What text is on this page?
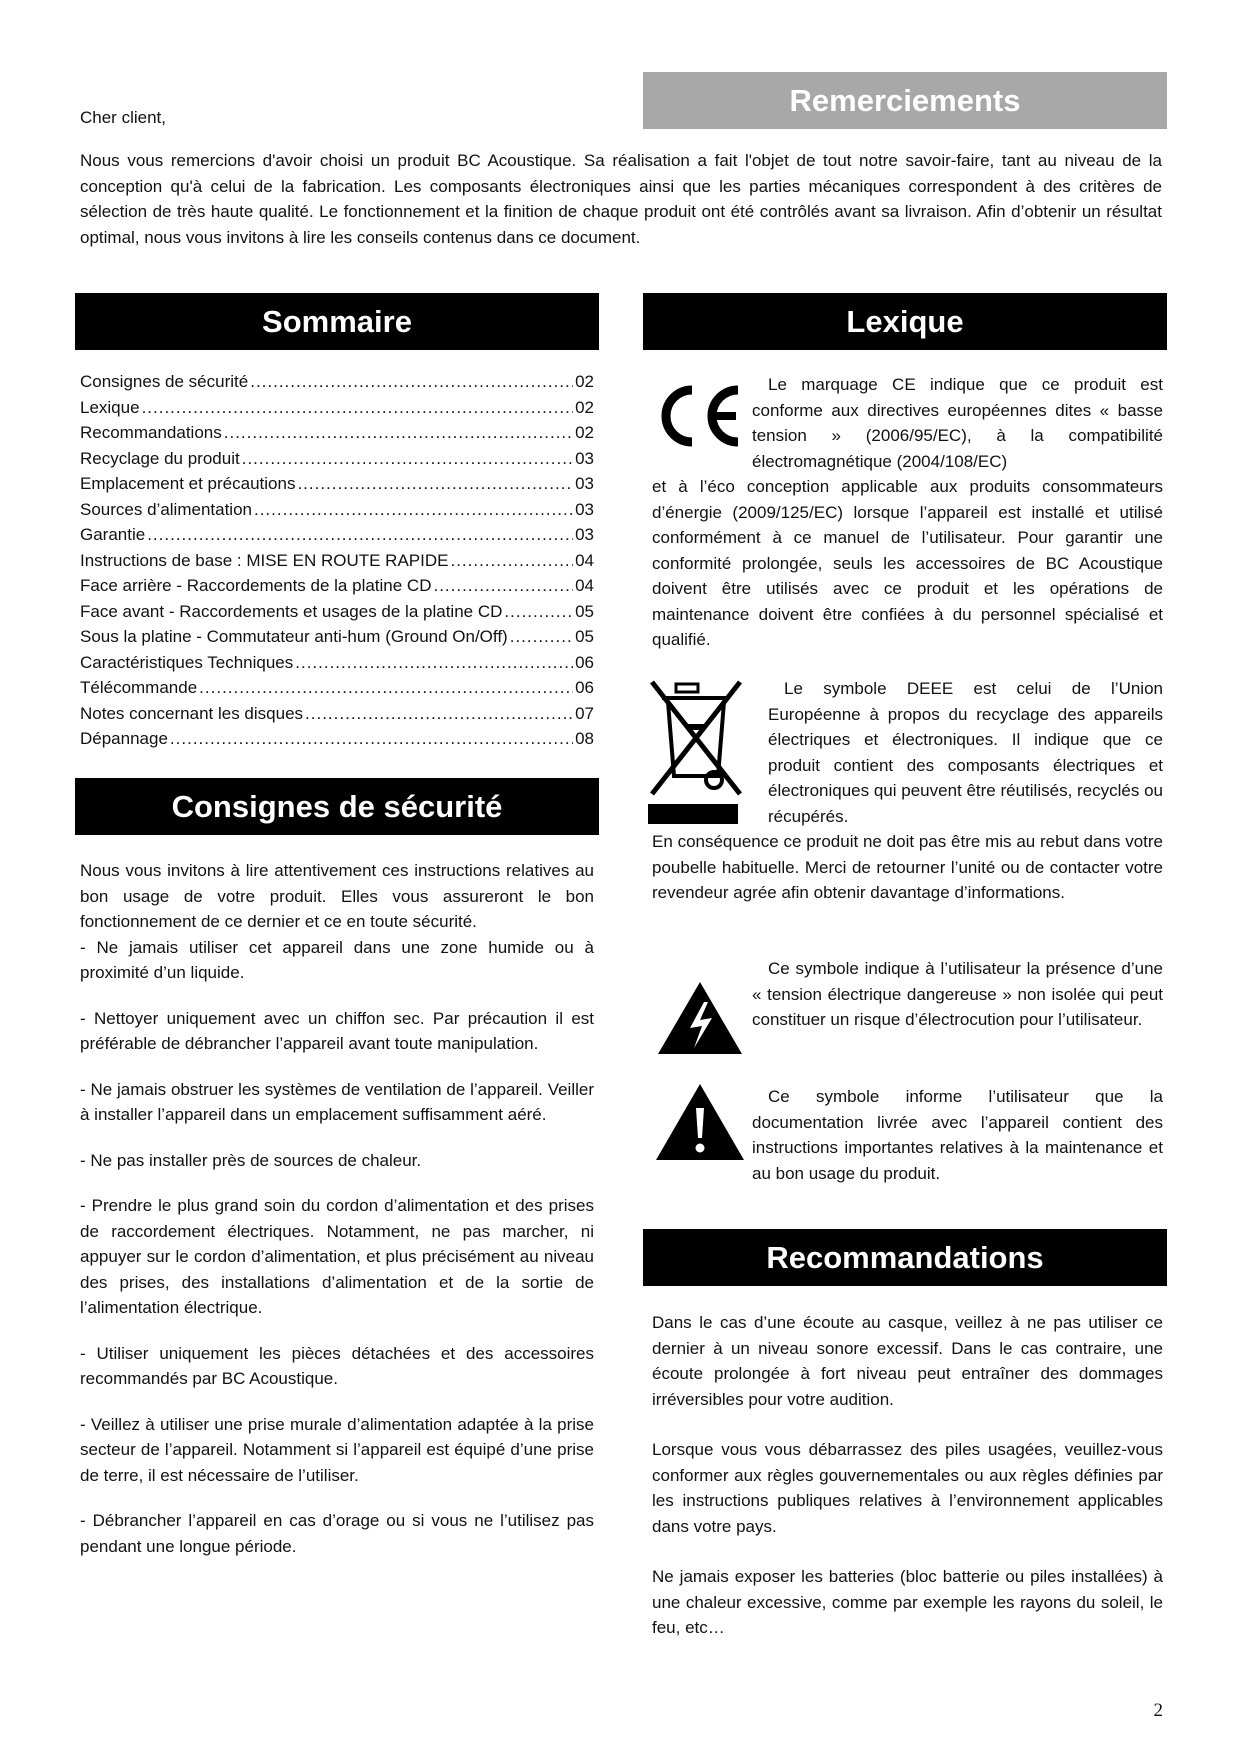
Cher client,	Remerciements

Nous vous remercions d'avoir choisi un produit BC Acoustique. Sa réalisation a fait l'objet de tout notre savoir-faire, tant au niveau de la conception qu'à celui de la fabrication. Les composants électroniques ainsi que les parties mécaniques correspondent à des critères de sélection de très haute qualité. Le fonctionnement et la finition de chaque produit ont été contrôlés avant sa livraison. Afin d’obtenir un résultat optimal, nous vous invitons à lire les conseils contenus dans ce document.

Sommaire
Consignes de sécurité .....	02
Lexique .....	02
Recommandations .....	02
Recyclage du produit .....	03
Emplacement et précautions .....	03
Sources d’alimentation .....	03
Garantie .....	03
Instructions de base : MISE EN ROUTE RAPIDE .....	04
Face arrière - Raccordements de la platine CD .....	04
Face avant - Raccordements et usages de la platine CD .....	05
Sous la platine - Commutateur anti-hum (Ground On/Off) .....	05
Caractéristiques Techniques .....	06
Télécommande .....	06
Notes concernant les disques .....	07
Dépannage .....	08
Consignes de sécurité

Nous vous invitons à lire attentivement ces instructions relatives au bon usage de votre produit. Elles vous assureront le bon fonctionnement de ce dernier et ce en toute sécurité.

- Ne jamais utiliser cet appareil dans une zone humide ou à proximité d’un liquide.

- Nettoyer uniquement avec un chiffon sec. Par précaution il est préférable de débrancher l’appareil avant toute manipulation.

- Ne jamais obstruer les systèmes de ventilation de l’appareil. Veiller à installer l’appareil dans un emplacement suffisamment aéré.

- Ne pas installer près de sources de chaleur.

- Prendre le plus grand soin du cordon d’alimentation et des prises de raccordement électriques. Notamment, ne pas marcher, ni appuyer sur le cordon d’alimentation, et plus précisément au niveau des prises, des installations d’alimentation et de la sortie de l’alimentation électrique.

- Utiliser uniquement les pièces détachées et des accessoires recommandés par BC Acoustique.

- Veillez à utiliser une prise murale d’alimentation adaptée à la prise secteur de l’appareil. Notamment si l’appareil est équipé d’une prise de terre, il est nécessaire de l’utiliser.

- Débrancher l’appareil en cas d’orage ou si vous ne l’utilisez pas pendant une longue période.

Lexique

Le marquage CE indique que ce produit est conforme aux directives européennes dites « basse tension » (2006/95/EC), à la compatibilité électromagnétique (2004/108/EC)

et à l’éco conception applicable aux produits consommateurs d’énergie (2009/125/EC) lorsque l’appareil est installé et utilisé conformément à ce manuel de l’utilisateur. Pour garantir une conformité prolongée, seuls les accessoires de BC Acoustique doivent être utilisés avec ce produit et les opérations de maintenance doivent être confiées à du personnel spécialisé et qualifié.

Le symbole DEEE est celui de l’Union Européenne à propos du recyclage des appareils électriques et électroniques. Il indique que ce produit contient des composants électriques et électroniques qui peuvent être réutilisés, recyclés ou récupérés.

En conséquence ce produit ne doit pas être mis au rebut dans votre poubelle habituelle. Merci de retourner l’unité ou de contacter votre revendeur agrée afin obtenir davantage d’informations.

Ce symbole indique à l’utilisateur la présence d’une « tension électrique dangereuse » non isolée qui peut constituer un risque d’électrocution pour l’utilisateur.

Ce symbole informe l’utilisateur que la documentation livrée avec l’appareil contient des instructions importantes relatives à la maintenance et au bon usage du produit.

Recommandations

Dans le cas d’une écoute au casque, veillez à ne pas utiliser ce dernier à un niveau sonore excessif. Dans le cas contraire, une écoute prolongée à fort niveau peut entraîner des dommages irréversibles pour votre audition.

Lorsque vous vous débarrassez des piles usagées, veuillez-vous conformer aux règles gouvernementales ou aux règles définies par les instructions publiques relatives à l’environnement applicables dans votre pays.

Ne jamais exposer les batteries (bloc batterie ou piles installées) à une chaleur excessive, comme par exemple les rayons du soleil, le feu, etc…

2
